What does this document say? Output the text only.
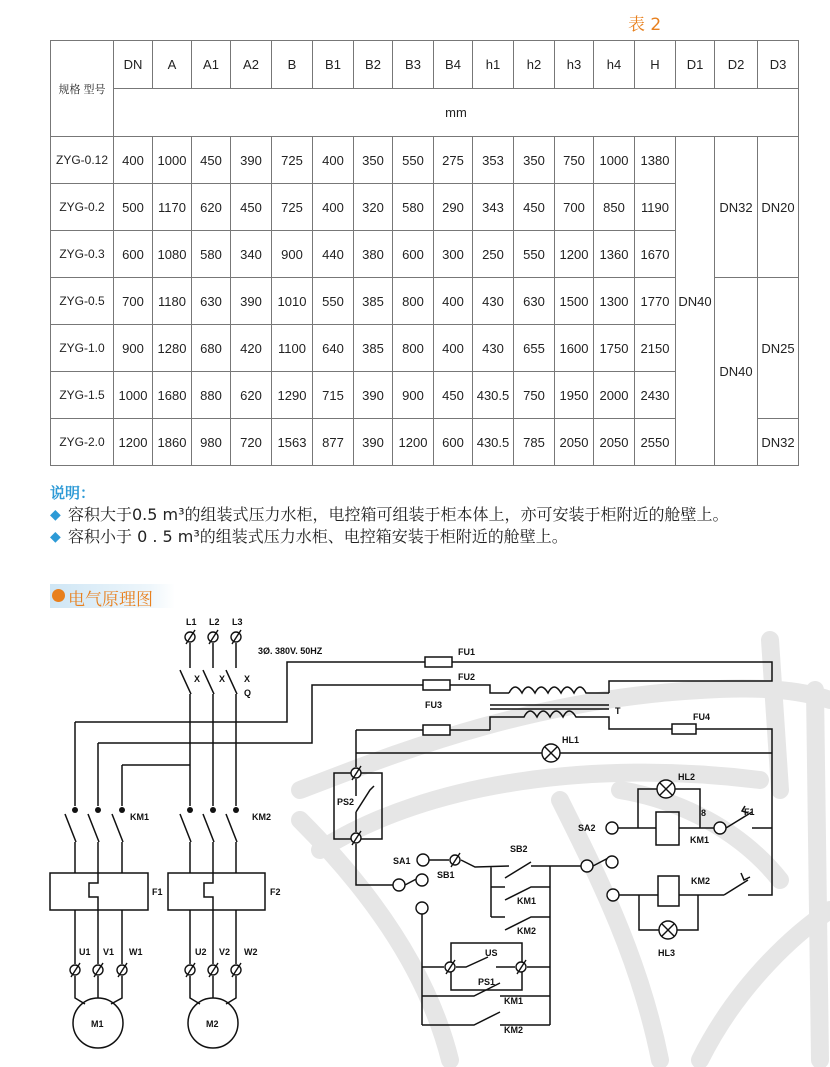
表 2
规格 型号	DN	A	A1	A2	B	B1	B2	B3	B4	h1	h2	h3	h4	H	D1	D2	D3
	mm																
ZYG-0.12	400	1000	450	390	725	400	350	550	275	353	350	750	1000	1380	DN40	DN32	DN20
ZYG-0.2	500	1170	620	450	725	400	320	580	290	343	450	700	850	1190			
ZYG-0.3	600	1080	580	340	900	440	380	600	300	250	550	1200	1360	1670			
ZYG-0.5	700	1180	630	390	1010	550	385	800	400	430	630	1500	1300	1770		DN40	DN25
ZYG-1.0	900	1280	680	420	1100	640	385	800	400	430	655	1600	1750	2150			
ZYG-1.5	1000	1680	880	620	1290	715	390	900	450	430.5	750	1950	2000	2430			
ZYG-2.0	1200	1860	980	720	1563	877	390	1200	600	430.5	785	2050	2050	2550			DN32
说明：
◆ 容积大于0.5 m³的组装式压力水柜，电控箱可组装于柜本体上，亦可安装于柜附近的舱壁上。
◆ 容积小于 0 . 5 m³的组装式压力水柜、电控箱安装于柜附近的舱壁上。
电气原理图
L1 L2 L3
3Ø. 380V. 50HZ
X X X
Q
FU1
FU2
FU3
FU4
T
HL1
HL2
HL3
PS2
PS1
US
SA1
SA2
SB1
SB2
KM1	KM2
KM1
KM2
KM1
KM2
KM1
KM2
8	F1
F1	F2
U1 V1 W1	U2 V2 W2
M1	M2
